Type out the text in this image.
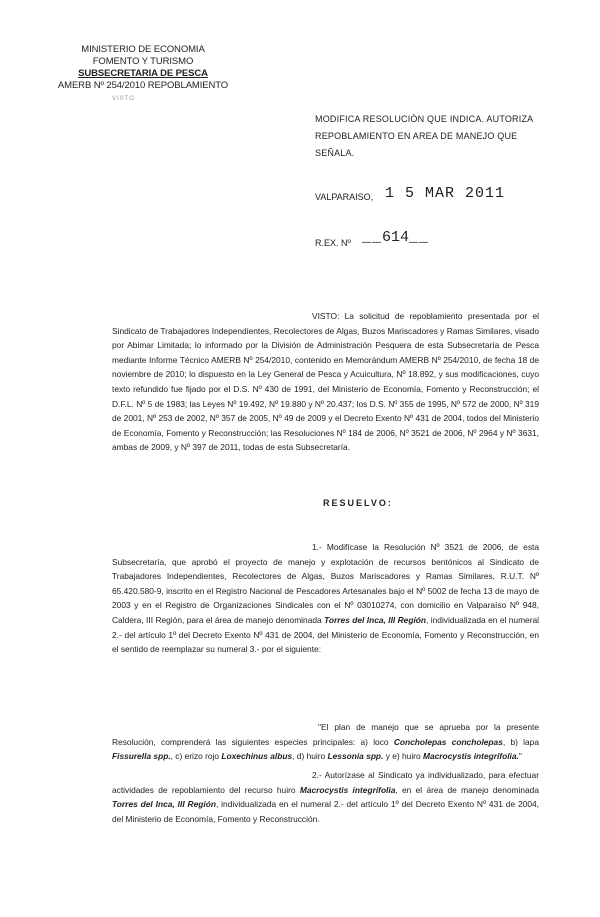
MINISTERIO DE ECONOMIA
FOMENTO Y TURISMO
SUBSECRETARIA DE PESCA
AMERB Nº 254/2010 REPOBLAMIENTO
VISTO
MODIFICA RESOLUCIÓN QUE INDICA. AUTORIZA REPOBLAMIENTO EN AREA DE MANEJO QUE SEÑALA.
VALPARAISO, 1 5 MAR 2011
R.EX. Nº __614__
VISTO: La solicitud de repoblamiento presentada por el Sindicato de Trabajadores Independientes, Recolectores de Algas, Buzos Mariscadores y Ramas Similares, visado por Abimar Limitada; lo informado por la División de Administración Pesquera de esta Subsecretaría de Pesca mediante Informe Técnico AMERB Nº 254/2010, contenido en Memorándum AMERB Nº 254/2010, de fecha 18 de noviembre de 2010; lo dispuesto en la Ley General de Pesca y Acuicultura, Nº 18.892, y sus modificaciones, cuyo texto refundido fue fijado por el D.S. Nº 430 de 1991, del Ministerio de Economía, Fomento y Reconstrucción; el D.F.L. Nº 5 de 1983; las Leyes Nº 19.492, Nº 19.880 y Nº 20.437; los D.S. Nº 355 de 1995, Nº 572 de 2000, Nº 319 de 2001, Nº 253 de 2002, Nº 357 de 2005, Nº 49 de 2009 y el Decreto Exento Nº 431 de 2004, todos del Ministerio de Economía, Fomento y Reconstrucción; las Resoluciones Nº 184 de 2006, Nº 3521 de 2006, Nº 2964 y Nº 3631, ambas de 2009, y Nº 397 de 2011, todas de esta Subsecretaría.
RESUELVO:
1.- Modifícase la Resolución Nº 3521 de 2006, de esta Subsecretaría, que aprobó el proyecto de manejo y explotación de recursos bentónicos al Sindicato de Trabajadores Independientes, Recolectores de Algas, Buzos Mariscadores y Ramas Similares, R.U.T. Nº 65.420.580-9, inscrito en el Registro Nacional de Pescadores Artesanales bajo el Nº 5002 de fecha 13 de mayo de 2003 y en el Registro de Organizaciones Sindicales con el Nº 03010274, con domicilio en Valparaíso Nº 948, Caldera, III Región, para el área de manejo denominada Torres del Inca, III Región, individualizada en el numeral 2.- del artículo 1º del Decreto Exento Nº 431 de 2004, del Ministerio de Economía, Fomento y Reconstrucción, en el sentido de reemplazar su numeral 3.- por el siguiente:
"El plan de manejo que se aprueba por la presente Resolución, comprenderá las siguientes especies principales: a) loco Concholepas concholepas, b) lapa Fissurella spp., c) erizo rojo Loxechinus albus, d) huiro Lessonia spp. y e) huiro Macrocystis integrifolia."
2.- Autorízase al Sindicato ya individualizado, para efectuar actividades de repoblamiento del recurso huiro Macrocystis integrifolia, en el área de manejo denominada Torres del Inca, III Región, individualizada en el numeral 2.- del artículo 1º del Decreto Exento Nº 431 de 2004, del Ministerio de Economía, Fomento y Reconstrucción.
